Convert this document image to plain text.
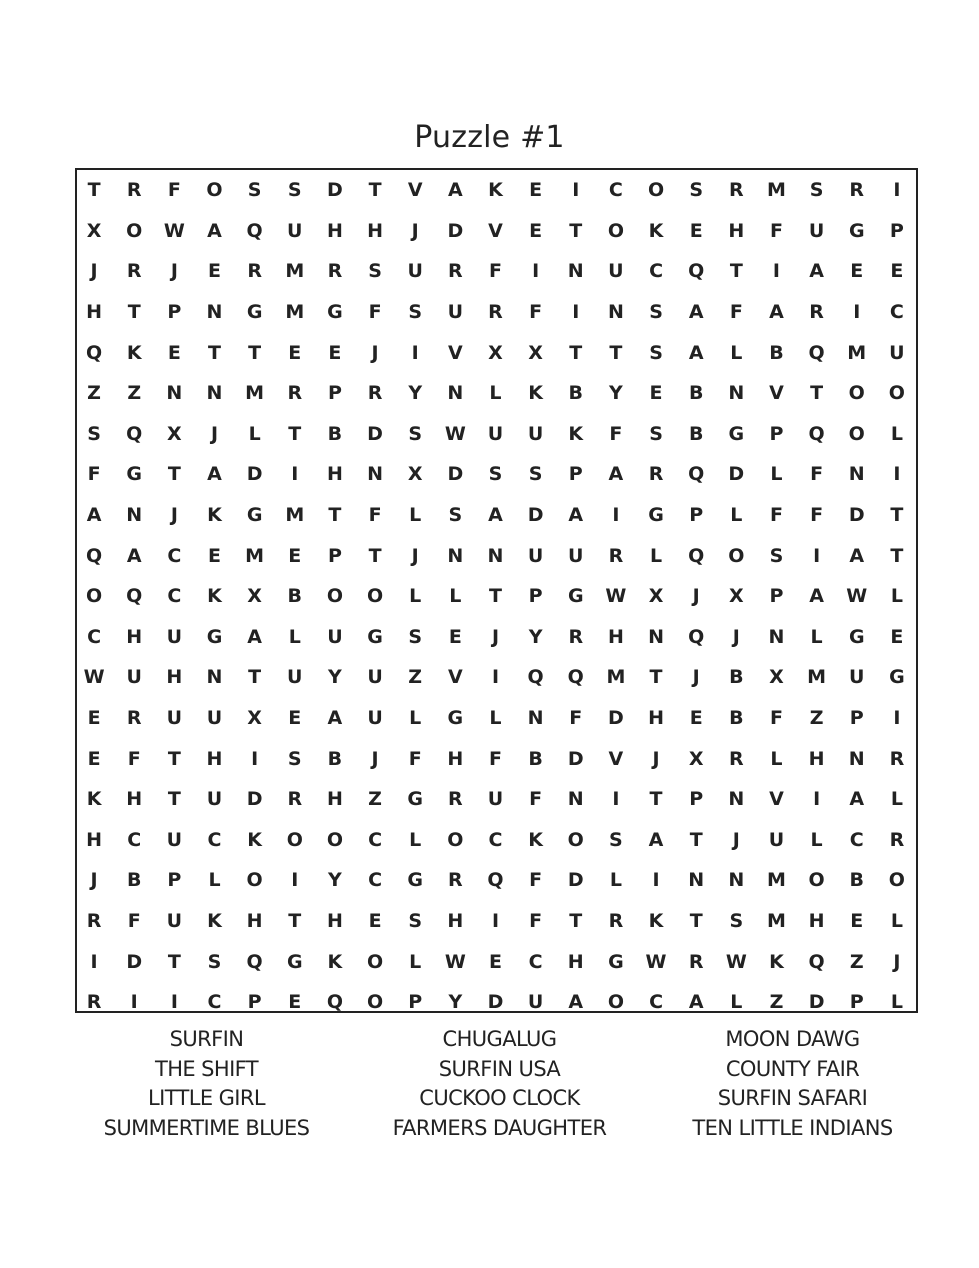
Puzzle #1
T	R	F	O	S	S	D	T	V	A	K	E	I	C	O	S	R	M	S	R	I
X	O	W	A	Q	U	H	H	J	D	V	E	T	O	K	E	H	F	U	G	P
J	R	J	E	R	M	R	S	U	R	F	I	N	U	C	Q	T	I	A	E	E
H	T	P	N	G	M	G	F	S	U	R	F	I	N	S	A	F	A	R	I	C
Q	K	E	T	T	E	E	J	I	V	X	X	T	T	S	A	L	B	Q	M	U
Z	Z	N	N	M	R	P	R	Y	N	L	K	B	Y	E	B	N	V	T	O	O
S	Q	X	J	L	T	B	D	S	W	U	U	K	F	S	B	G	P	Q	O	L
F	G	T	A	D	I	H	N	X	D	S	S	P	A	R	Q	D	L	F	N	I
A	N	J	K	G	M	T	F	L	S	A	D	A	I	G	P	L	F	F	D	T
Q	A	C	E	M	E	P	T	J	N	N	U	U	R	L	Q	O	S	I	A	T
O	Q	C	K	X	B	O	O	L	L	T	P	G	W	X	J	X	P	A	W	L
C	H	U	G	A	L	U	G	S	E	J	Y	R	H	N	Q	J	N	L	G	E
W	U	H	N	T	U	Y	U	Z	V	I	Q	Q	M	T	J	B	X	M	U	G
E	R	U	U	X	E	A	U	L	G	L	N	F	D	H	E	B	F	Z	P	I
E	F	T	H	I	S	B	J	F	H	F	B	D	V	J	X	R	L	H	N	R
K	H	T	U	D	R	H	Z	G	R	U	F	N	I	T	P	N	V	I	A	L
H	C	U	C	K	O	O	C	L	O	C	K	O	S	A	T	J	U	L	C	R
J	B	P	L	O	I	Y	C	G	R	Q	F	D	L	I	N	N	M	O	B	O
R	F	U	K	H	T	H	E	S	H	I	F	T	R	K	T	S	M	H	E	L
I	D	T	S	Q	G	K	O	L	W	E	C	H	G	W	R	W	K	Q	Z	J
R	I	I	C	P	E	Q	O	P	Y	D	U	A	O	C	A	L	Z	D	P	L
SURFIN
THE SHIFT
LITTLE GIRL
SUMMERTIME BLUES
CHUGALUG
SURFIN USA
CUCKOO CLOCK
FARMERS DAUGHTER
MOON DAWG
COUNTY FAIR
SURFIN SAFARI
TEN LITTLE INDIANS
